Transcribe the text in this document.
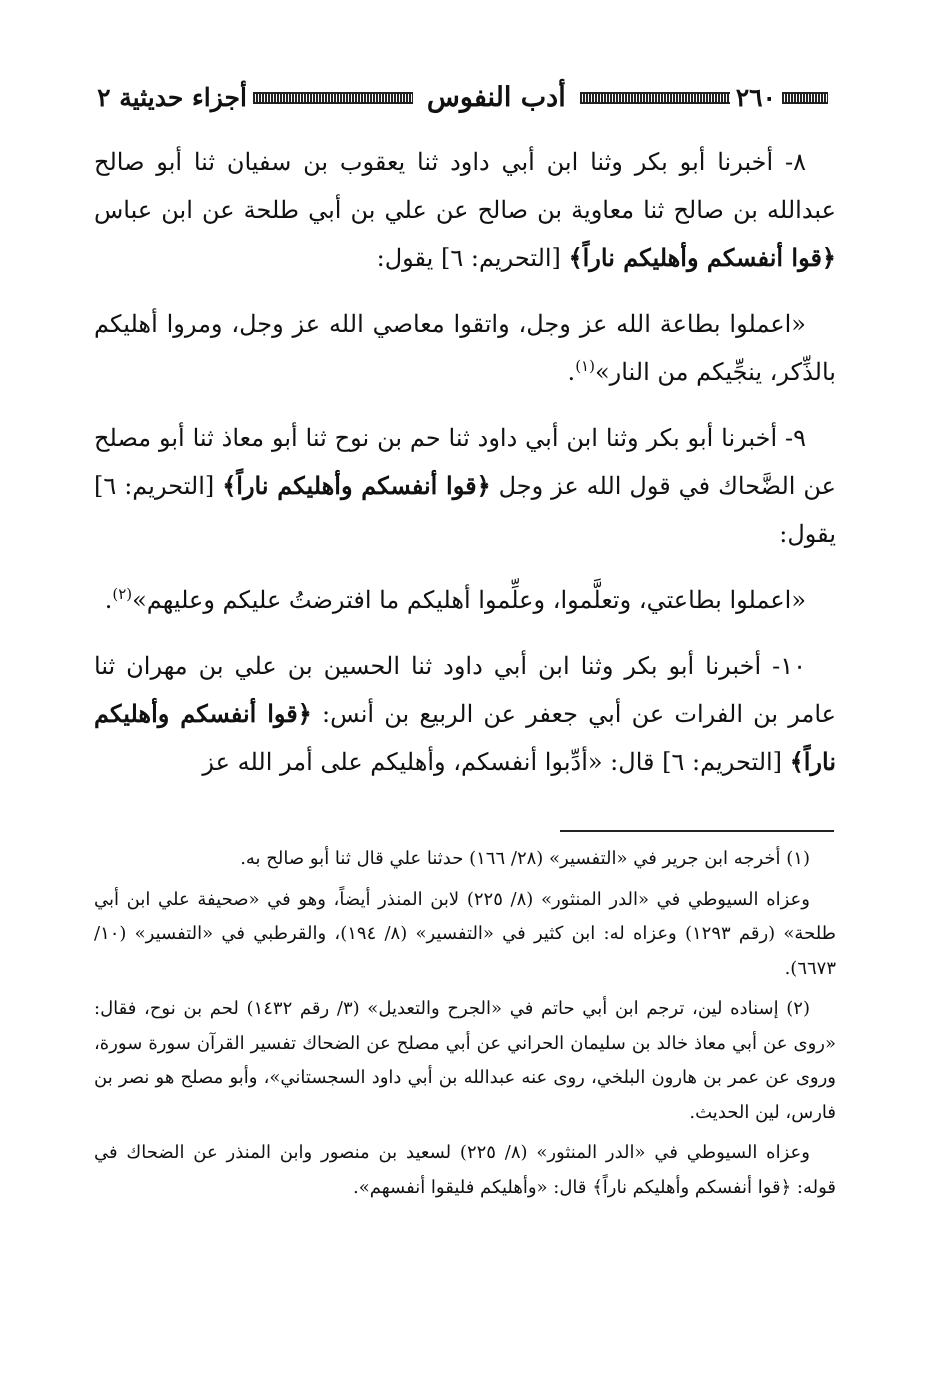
٢٦٠
أدب النفوس
أجزاء حديثية ٢

٨- أخبرنا أبو بكر وثنا ابن أبي داود ثنا يعقوب بن سفيان ثنا أبو صالح عبدالله بن صالح ثنا معاوية بن صالح عن علي بن أبي طلحة عن ابن عباس ﴿قوا أنفسكم وأهليكم ناراً﴾ [التحريم: ٦] يقول:

«اعملوا بطاعة الله عز وجل، واتقوا معاصي الله عز وجل، ومروا أهليكم بالذِّكر، ينجِّيكم من النار»$^{(١)}$.

٩- أخبرنا أبو بكر وثنا ابن أبي داود ثنا حم بن نوح ثنا أبو معاذ ثنا أبو مصلح عن الضَّحاك في قول الله عز وجل ﴿قوا أنفسكم وأهليكم ناراً﴾ [التحريم: ٦] يقول:

«اعملوا بطاعتي، وتعلَّموا، وعلِّموا أهليكم ما افترضتُ عليكم وعليهم»$^{(٢)}$.

١٠- أخبرنا أبو بكر وثنا ابن أبي داود ثنا الحسين بن علي بن مهران ثنا عامر بن الفرات عن أبي جعفر عن الربيع بن أنس: ﴿قوا أنفسكم وأهليكم ناراً﴾ [التحريم: ٦] قال: «أدِّبوا أنفسكم، وأهليكم على أمر الله عز

(١) أخرجه ابن جرير في «التفسير» (٢٨/ ١٦٦) حدثنا علي قال ثنا أبو صالح به.

وعزاه السيوطي في «الدر المنثور» (٨/ ٢٢٥) لابن المنذر أيضاً، وهو في «صحيفة علي ابن أبي طلحة» (رقم ١٢٩٣) وعزاه له: ابن كثير في «التفسير» (٨/ ١٩٤)، والقرطبي في «التفسير» (١٠/ ٦٦٧٣).

(٢) إسناده لين، ترجم ابن أبي حاتم في «الجرح والتعديل» (٣/ رقم ١٤٣٢) لحم بن نوح، فقال: «روى عن أبي معاذ خالد بن سليمان الحراني عن أبي مصلح عن الضحاك تفسير القرآن سورة سورة، وروى عن عمر بن هارون البلخي، روى عنه عبدالله بن أبي داود السجستاني»، وأبو مصلح هو نصر بن فارس، لين الحديث.

وعزاه السيوطي في «الدر المنثور» (٨/ ٢٢٥) لسعيد بن منصور وابن المنذر عن الضحاك في قوله: ﴿قوا أنفسكم وأهليكم ناراً﴾ قال: «وأهليكم فليقوا أنفسهم».
